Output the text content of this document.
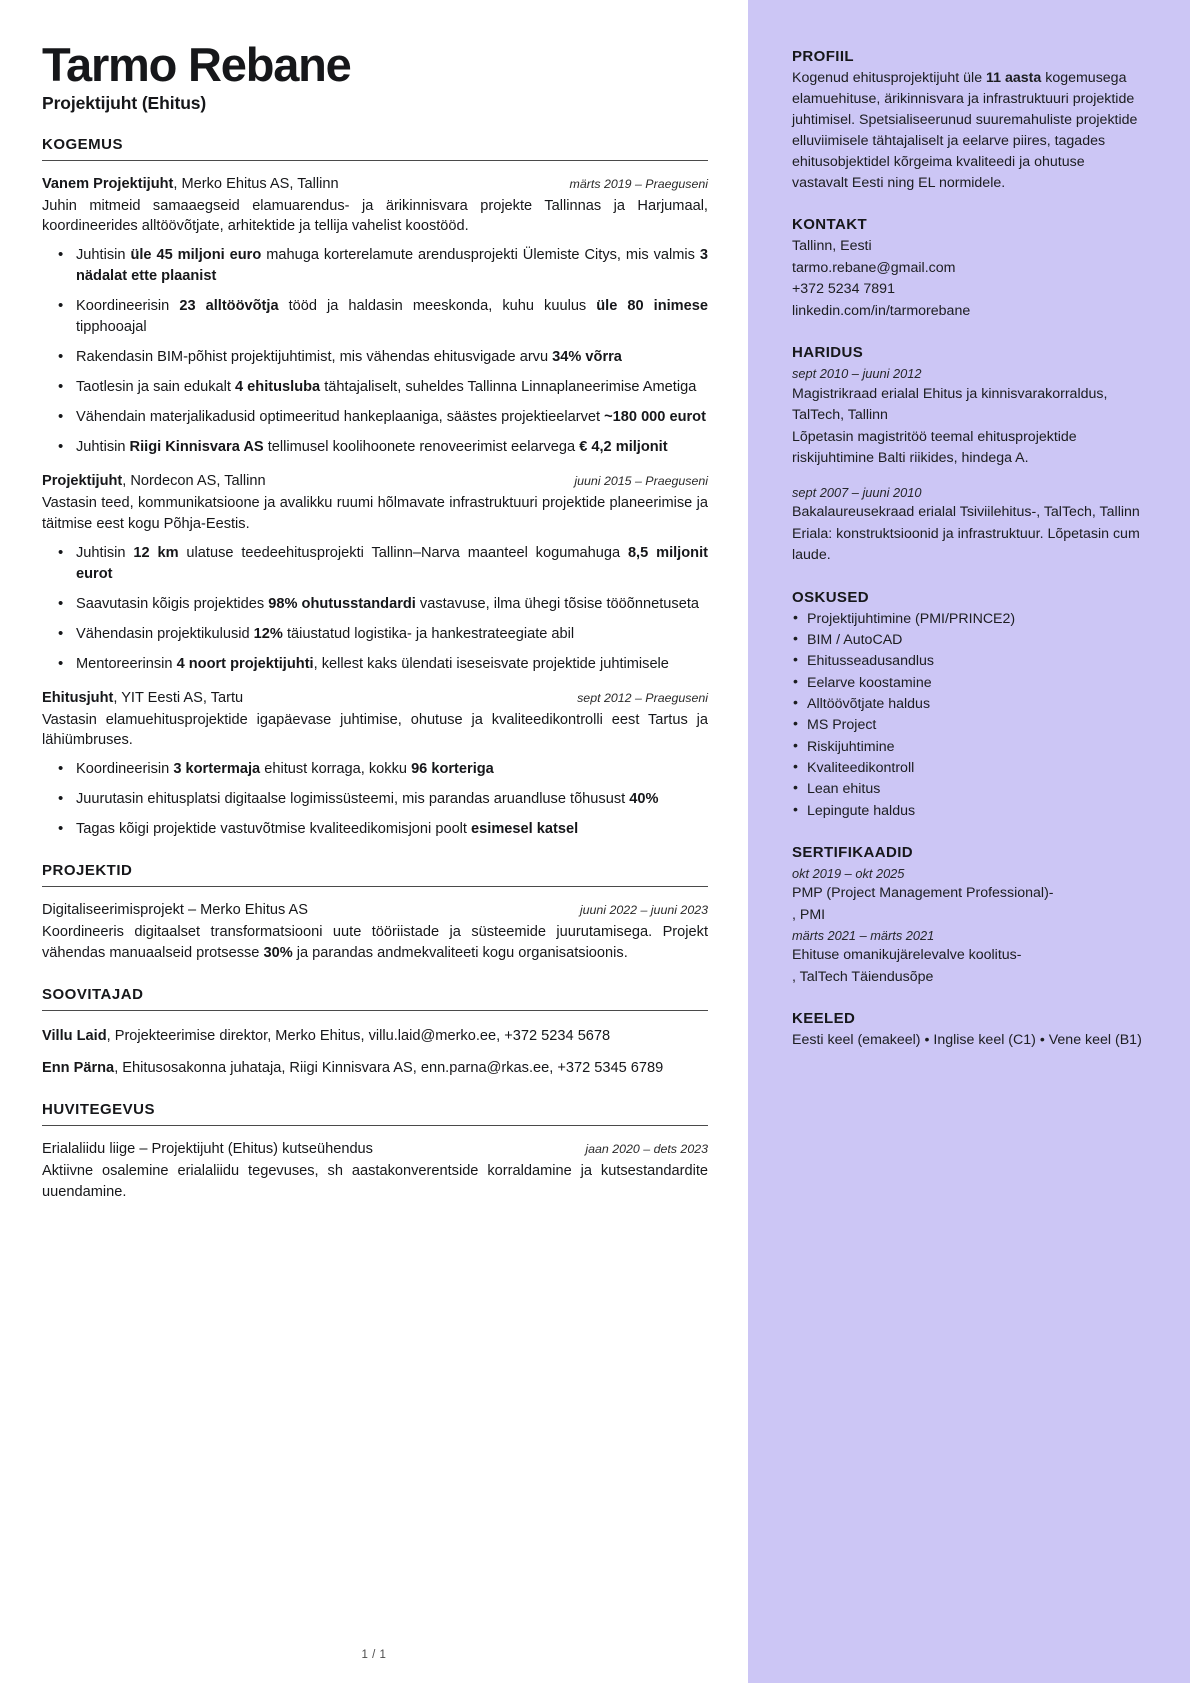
Tarmo Rebane
Projektijuht (Ehitus)
KOGEMUS
Vanem Projektijuht, Merko Ehitus AS, Tallinn	märts 2019 – Praeguseni
Juhin mitmeid samaaegseid elamuarendus- ja ärikinnisvara projekte Tallinnas ja Harjumaal, koordineerides alltöövõtjate, arhitektide ja tellija vahelist koostööd.
• Juhtisin üle 45 miljoni euro mahuga korterelamute arendusprojekti Ülemiste Citys, mis valmis 3 nädalat ette plaanist
• Koordineerisin 23 alltöövõtja tööd ja haldasin meeskonda, kuhu kuulus üle 80 inimese tipphooajal
• Rakendasin BIM-põhist projektijuhtimist, mis vähendas ehitusvigade arvu 34% võrra
• Taotlesin ja sain edukalt 4 ehitusluba tähtajaliselt, suheldes Tallinna Linnaplaneerimise Ametiga
• Vähendain materjalikadusid optimeeritud hankeplaaniga, säästes projektieelarvet ~180 000 eurot
• Juhtisin Riigi Kinnisvara AS tellimusel koolihoonete renoveerimist eelarvega € 4,2 miljonit
Projektijuht, Nordecon AS, Tallinn	juuni 2015 – Praeguseni
Vastasin teed, kommunikatsioone ja avalikku ruumi hõlmavate infrastruktuuri projektide planeerimise ja täitmise eest kogu Põhja-Eestis.
• Juhtisin 12 km ulatuse teedeehitusprojekti Tallinn–Narva maanteel kogumahuga 8,5 miljonit eurot
• Saavutasin kõigis projektides 98% ohutusstandardi vastavuse, ilma ühegi tõsise tööõnnetuseta
• Vähendasin projektikulusid 12% täiustatud logistika- ja hankestrateegiate abil
• Mentoreerinsin 4 noort projektijuhti, kellest kaks ülendati iseseisvate projektide juhtimisele
Ehitusjuht, YIT Eesti AS, Tartu	sept 2012 – Praeguseni
Vastasin elamuehitusprojektide igapäevase juhtimise, ohutuse ja kvaliteedikontrolli eest Tartus ja lähiümbruses.
• Koordineerisin 3 kortermaja ehitust korraga, kokku 96 korteriga
• Juurutasin ehitusplatsi digitaalse logimissüsteemi, mis parandas aruandluse tõhusust 40%
• Tagas kõigi projektide vastuvõtmise kvaliteedikomisjoni poolt esimesel katsel
PROJEKTID
Digitaliseerimisprojekt – Merko Ehitus AS	juuni 2022 – juuni 2023
Koordineeris digitaalset transformatsiooni uute tööriistade ja süsteemide juurutamisega. Projekt vähendas manuaalseid protsesse 30% ja parandas andmekvaliteeti kogu organisatsioonis.
SOOVITAJAD
Villu Laid, Projekteerimise direktor, Merko Ehitus, villu.laid@merko.ee, +372 5234 5678
Enn Pärna, Ehitusosakonna juhataja, Riigi Kinnisvara AS, enn.parna@rkas.ee, +372 5345 6789
HUVITEGEVUS
Erialaliidu liige – Projektijuht (Ehitus) kutseühendus	jaan 2020 – dets 2023
Aktiivne osalemine erialaliidu tegevuses, sh aastakonverentside korraldamine ja kutsestandardite uuendamine.
1 / 1
PROFIIL
Kogenud ehitusprojektijuht üle 11 aasta kogemusega elamuehituse, ärikinnisvara ja infrastruktuuri projektide juhtimisel. Spetsialiseerunud suuremahuliste projektide elluviimisele tähtajaliselt ja eelarve piires, tagades ehitusobjektidel kõrgeima kvaliteedi ja ohutuse vastavalt Eesti ning EL normidele.
KONTAKT
Tallinn, Eesti
tarmo.rebane@gmail.com
+372 5234 7891
linkedin.com/in/tarmorebane
HARIDUS
sept 2010 – juuni 2012
Magistrikraad erialal Ehitus ja kinnisvarakorraldus, TalTech, Tallinn
Lõpetasin magistritöö teemal ehitusprojektide riskijuhtimine Balti riikides, hindega A.
sept 2007 – juuni 2010
Bakalaureusekraad erialal Tsiviilehitus-, TalTech, Tallinn
Eriala: konstruktsioonid ja infrastruktuur. Lõpetasin cum laude.
OSKUSED
• Projektijuhtimine (PMI/PRINCE2)
• BIM / AutoCAD
• Ehitusseadusandlus
• Eelarve koostamine
• Alltöövõtjate haldus
• MS Project
• Riskijuhtimine
• Kvaliteedikontroll
• Lean ehitus
• Lepingute haldus
SERTIFIKAADID
okt 2019 – okt 2025
PMP (Project Management Professional)-
, PMI
märts 2021 – märts 2021
Ehituse omanikujärelevalve koolitus-
, TalTech Täiendusõpe
KEELED
Eesti keel (emakeel) • Inglise keel (C1) • Vene keel (B1)
